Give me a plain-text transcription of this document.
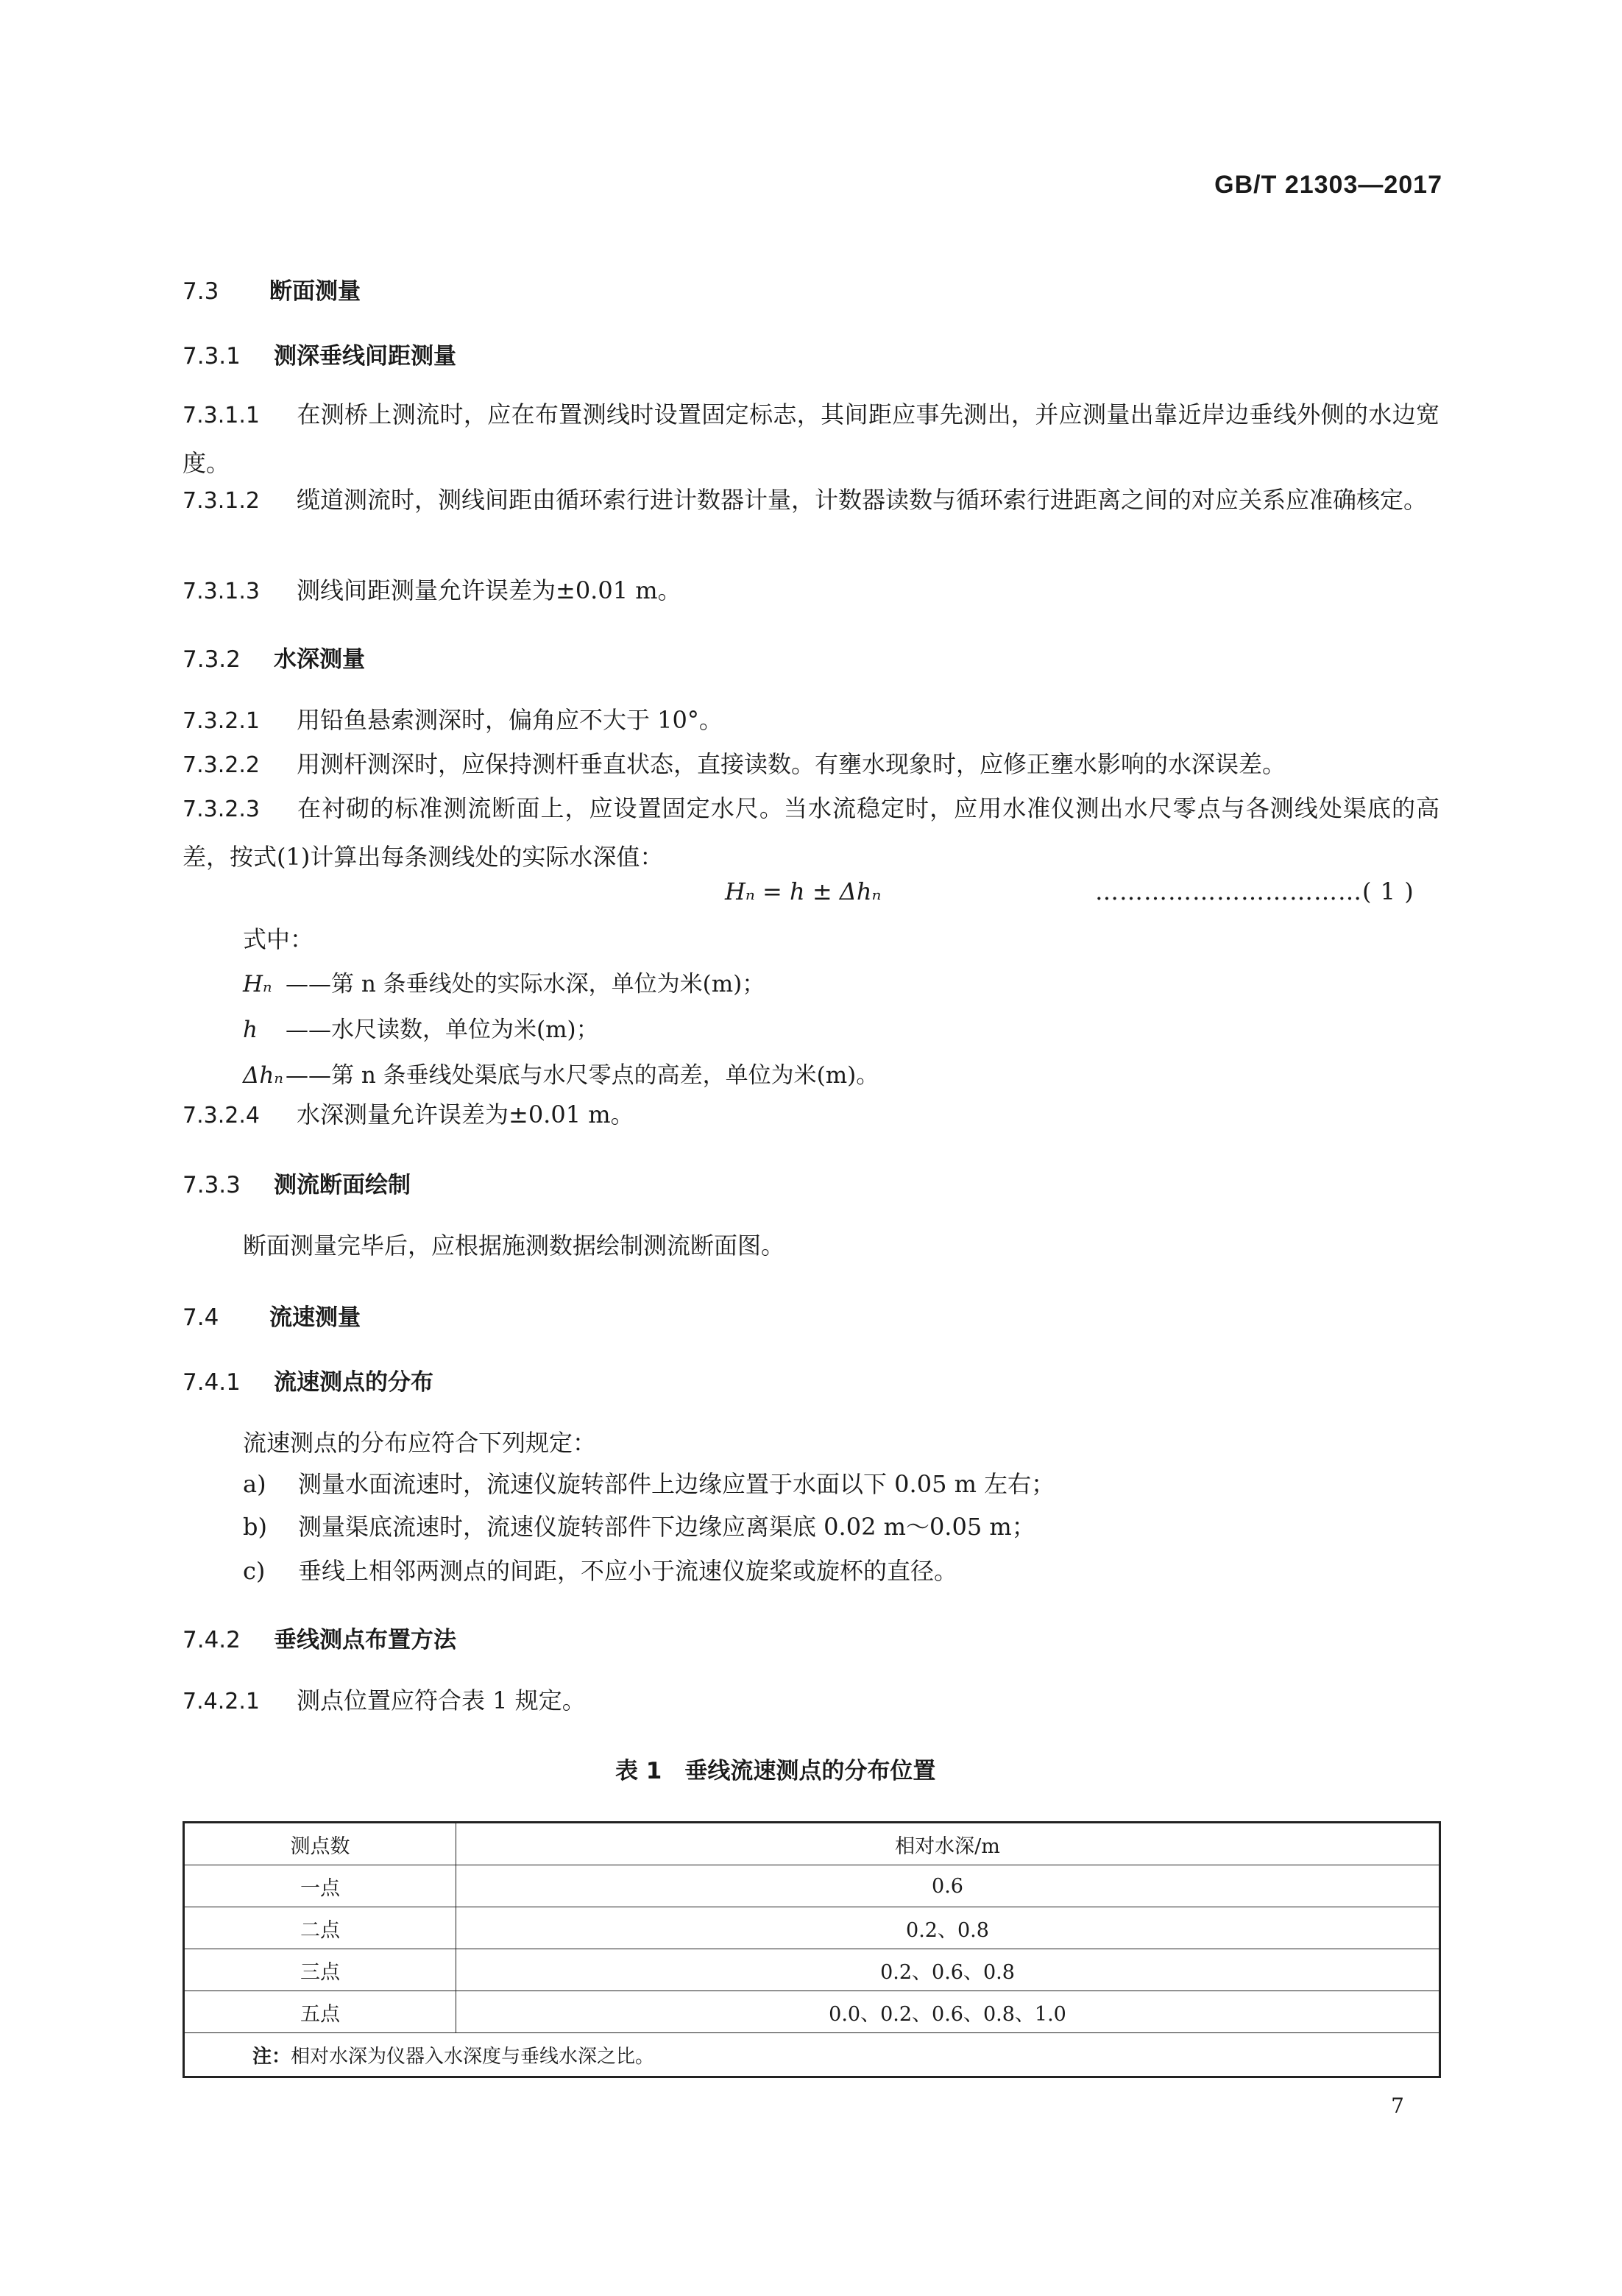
GB/T 21303—2017
7.3 断面测量
7.3.1 测深垂线间距测量
7.3.1.1 在测桥上测流时，应在布置测线时设置固定标志，其间距应事先测出，并应测量出靠近岸边垂线外侧的水边宽度。
7.3.1.2 缆道测流时，测线间距由循环索行进计数器计量，计数器读数与循环索行进距离之间的对应关系应准确核定。
7.3.1.3 测线间距测量允许误差为±0.01 m。
7.3.2 水深测量
7.3.2.1 用铅鱼悬索测深时，偏角应不大于 10°。
7.3.2.2 用测杆测深时，应保持测杆垂直状态，直接读数。有壅水现象时，应修正壅水影响的水深误差。
7.3.2.3 在衬砌的标准测流断面上，应设置固定水尺。当水流稳定时，应用水准仪测出水尺零点与各测线处渠底的高差，按式(1)计算出每条测线处的实际水深值：
Hₙ = h ± Δhₙ	……………………………( 1 )
式中：
Hₙ ——第 n 条垂线处的实际水深，单位为米(m)；
h ——水尺读数，单位为米(m)；
Δhₙ——第 n 条垂线处渠底与水尺零点的高差，单位为米(m)。
7.3.2.4 水深测量允许误差为±0.01 m。
7.3.3 测流断面绘制
断面测量完毕后，应根据施测数据绘制测流断面图。
7.4 流速测量
7.4.1 流速测点的分布
流速测点的分布应符合下列规定：
a) 测量水面流速时，流速仪旋转部件上边缘应置于水面以下 0.05 m 左右；
b) 测量渠底流速时，流速仪旋转部件下边缘应离渠底 0.02 m～0.05 m；
c) 垂线上相邻两测点的间距，不应小于流速仪旋桨或旋杯的直径。
7.4.2 垂线测点布置方法
7.4.2.1 测点位置应符合表 1 规定。
表 1　垂线流速测点的分布位置
测点数	相对水深/m
一点	0.6
二点	0.2、0.8
三点	0.2、0.6、0.8
五点	0.0、0.2、0.6、0.8、1.0
注：相对水深为仪器入水深度与垂线水深之比。	
7
